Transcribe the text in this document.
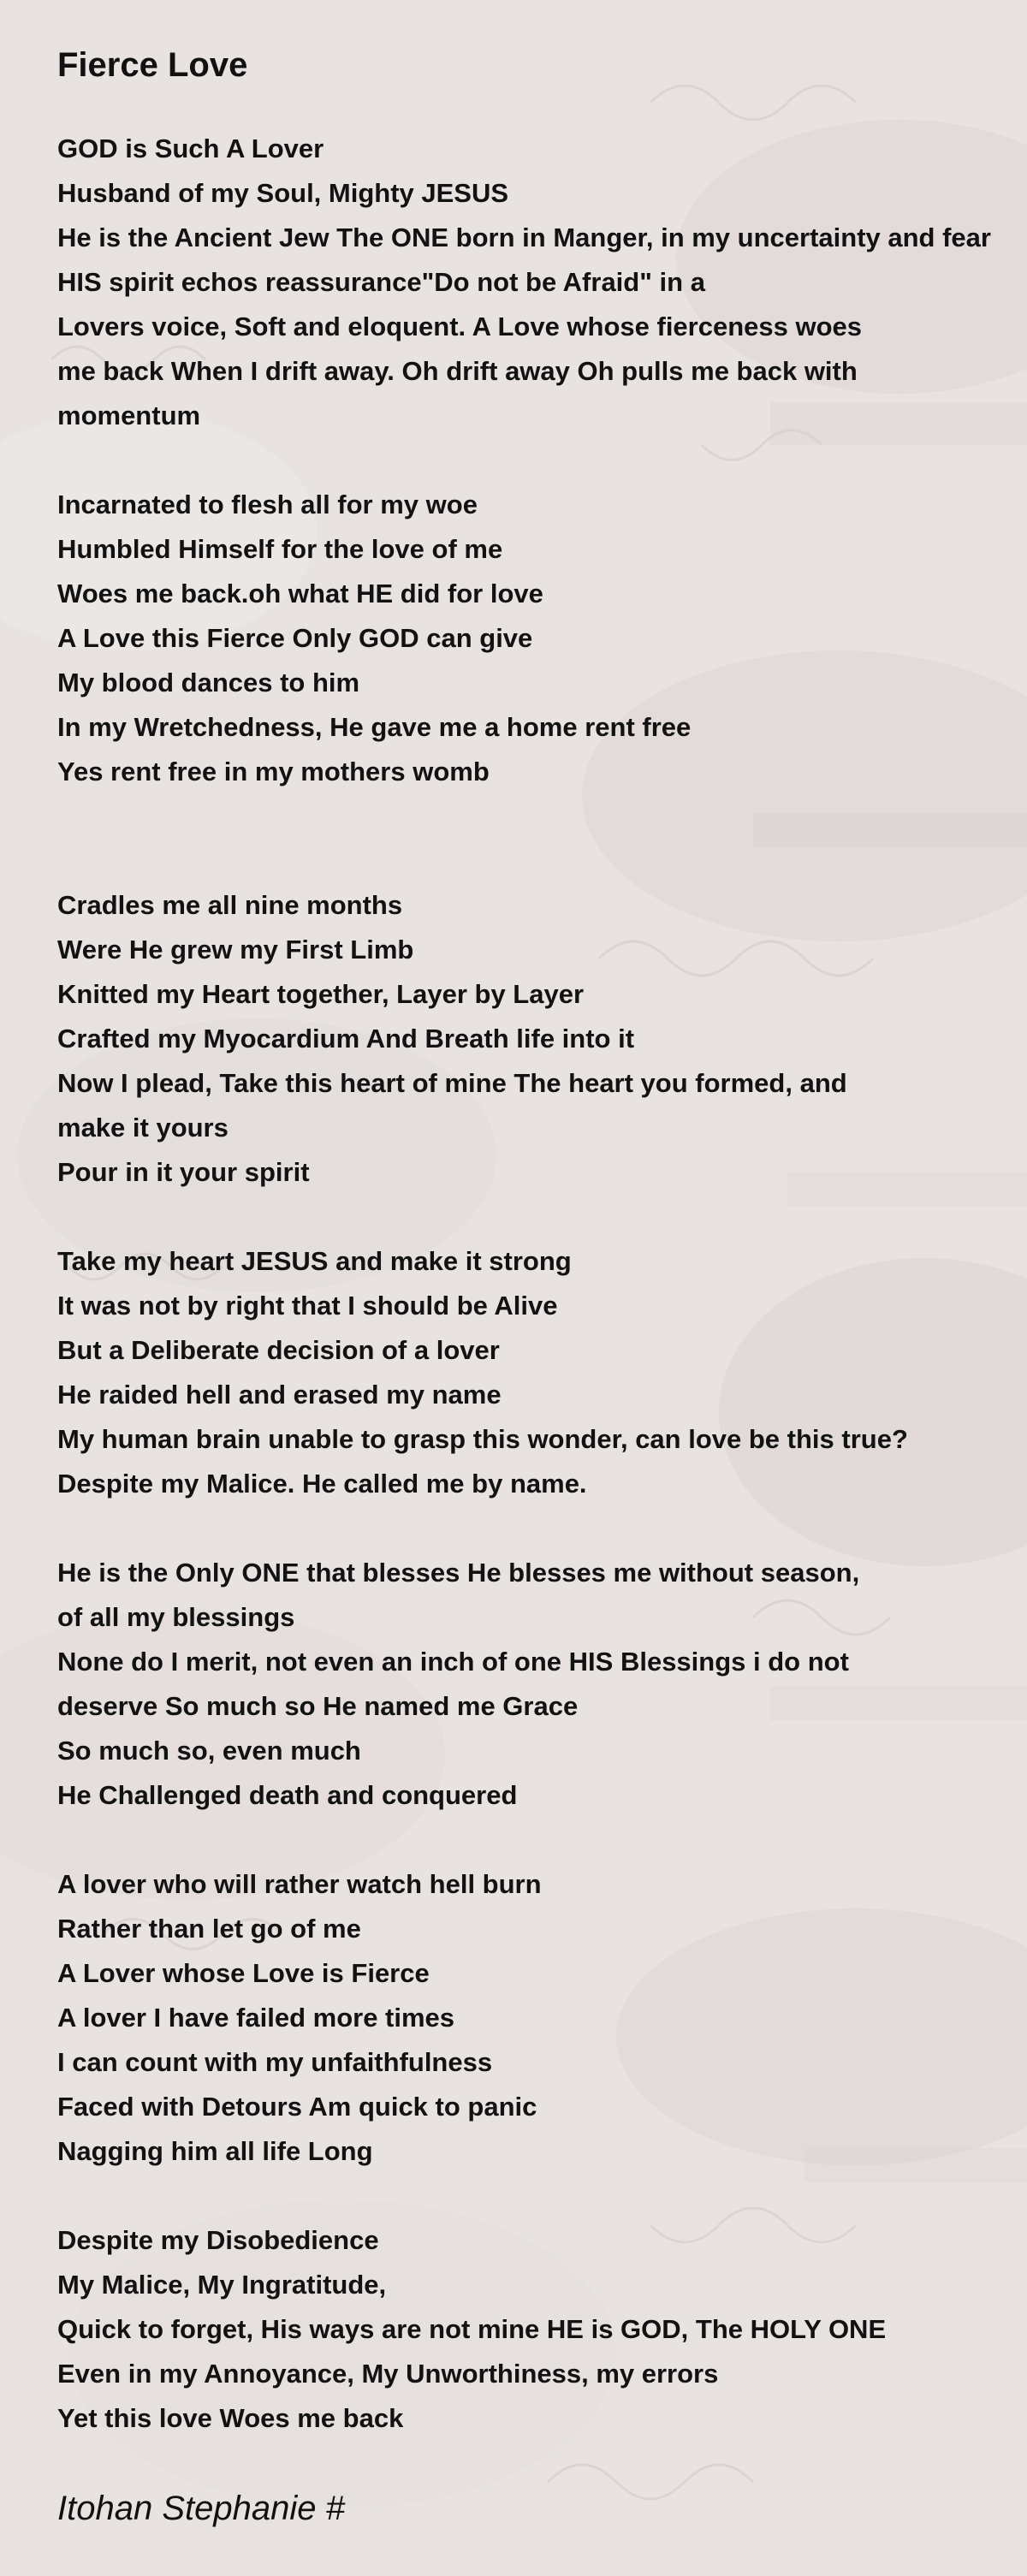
Fierce Love
GOD is Such A Lover
Husband of my Soul, Mighty JESUS
He is the Ancient Jew The ONE born in Manger, in my uncertainty and fear
HIS spirit echos reassurance"Do not be Afraid" in a
Lovers voice, Soft and eloquent. A Love whose fierceness woes
me back When I drift away. Oh drift away Oh pulls me back with
momentum
Incarnated to flesh all for my woe
Humbled Himself for the love of me
Woes me back.oh what HE did for love
A Love this Fierce Only GOD can give
My blood dances to him
In my Wretchedness, He gave me a home rent free
Yes rent free in my mothers womb
Cradles me all nine months
Were He grew my First Limb
Knitted my Heart together, Layer by Layer
Crafted my Myocardium And Breath life into it
Now I plead, Take this heart of mine The heart you formed, and
make it yours
Pour in it your spirit
Take my heart JESUS and make it strong
It was not by right that I should be Alive
But a Deliberate decision of a lover
He raided hell and erased my name
My human brain unable to grasp this wonder, can love be this true?
Despite my Malice. He called me by name.
He is the Only ONE that blesses He blesses me without season,
of all my blessings
None do I merit, not even an inch of one HIS Blessings i do not
deserve So much so He named me Grace
So much so, even much
He Challenged death and conquered
A lover who will rather watch hell burn
Rather than let go of me
A Lover whose Love is Fierce
A lover I have failed more times
I can count with my unfaithfulness
Faced with Detours Am quick to panic
Nagging him all life Long
Despite my Disobedience
My Malice, My Ingratitude,
Quick to forget, His ways are not mine HE is GOD, The HOLY ONE
Even in my Annoyance, My Unworthiness, my errors
Yet this love Woes me back
Itohan Stephanie #
